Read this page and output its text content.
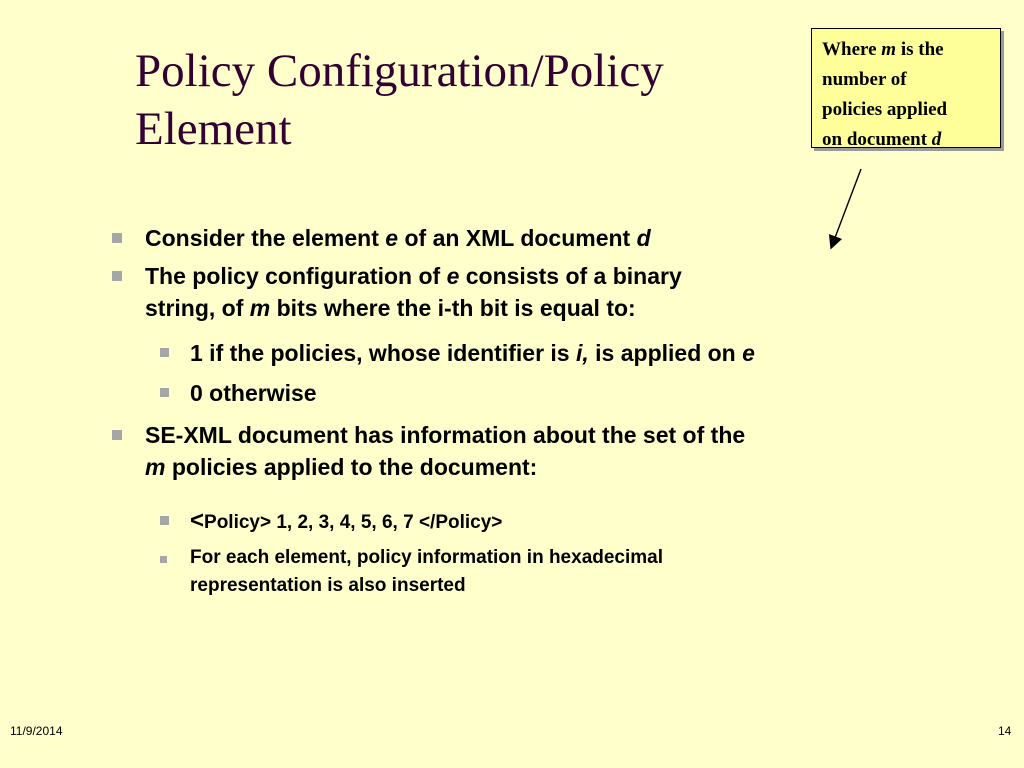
Policy Configuration/Policy
Element
Where m is the
number of
policies applied
on document d
Consider the element e of an XML document d
The policy configuration of e consists of a binary
string, of m bits where the i-th bit is equal to:
1 if the policies, whose identifier is i, is applied on e
0 otherwise
SE-XML document has information about the set of the
m policies applied to the document:
<Policy> 1, 2, 3, 4, 5, 6, 7 </Policy>
For each element, policy information in hexadecimal
representation is also inserted
11/9/2014	14
